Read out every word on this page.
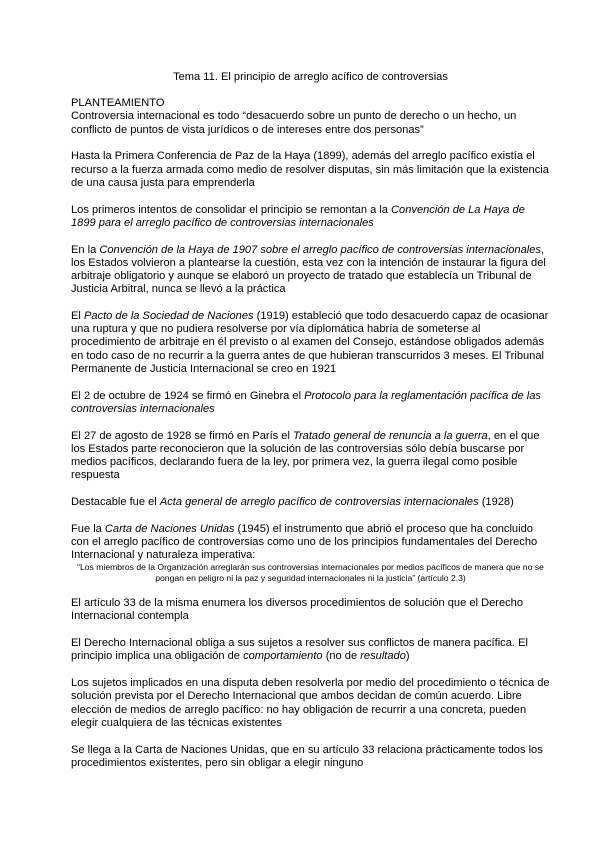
Tema 11. El principio de arreglo acífico de controversias
PLANTEAMIENTO
Controversia internacional es todo “desacuerdo sobre un punto de derecho o un hecho, un conflicto de puntos de vista jurídicos o de intereses entre dos personas”
Hasta la Primera Conferencia de Paz de la Haya (1899), además del arreglo pacífico existía el recurso a la fuerza armada como medio de resolver disputas, sin más limitación que la existencia de una causa justa para emprenderla
Los primeros intentos de consolidar el principio se remontan a la Convención de La Haya de 1899 para el arreglo pacífico de controversias internacionales
En la Convención de la Haya de 1907 sobre el arreglo pacífico de controversias internacionales, los Estados volvieron a plantearse la cuestión, esta vez con la intención de instaurar la figura del arbitraje obligatorio y aunque se elaboró un proyecto de tratado que establecía un Tribunal de Justicia Arbitral, nunca se llevó a la práctica
El Pacto de la Sociedad de Naciones (1919) estableció que todo desacuerdo capaz de ocasionar una ruptura y que no pudiera resolverse por vía diplomática habría de someterse al procedimiento de arbitraje en él previsto o al examen del Consejo, estándose obligados además en todo caso de no recurrir a la guerra antes de que hubieran transcurridos 3 meses. El Tribunal Permanente de Justicia Internacional se creo en 1921
El 2 de octubre de 1924 se firmó en Ginebra el Protocolo para la reglamentación pacífica de las controversias internacionales
El 27 de agosto de 1928 se firmó en París el Tratado general de renuncia a la guerra, en el que los Estados parte reconocieron que la solución de las controversias sólo debía buscarse por medios pacíficos, declarando fuera de la ley, por primera vez, la guerra ilegal como posible respuesta
Destacable fue el Acta general de arreglo pacífico de controversias internacionales (1928)
Fue la Carta de Naciones Unidas (1945) el instrumento que abrió el proceso que ha concluido con el arreglo pacífico de controversias como uno de los principios fundamentales del Derecho Internacional y naturaleza imperativa:
“Los miembros de la Organización arreglarán sus controversias internacionales por medios pacíficos de manera que no se pongan en peligro ni la paz y seguridad internacionales ni la justicia” (artículo 2.3)
El artículo 33 de la misma enumera los diversos procedimientos de solución que el Derecho Internacional contempla
El Derecho Internacional obliga a sus sujetos a resolver sus conflictos de manera pacífica. El principio implica una obligación de comportamiento (no de resultado)
Los sujetos implicados en una disputa deben resolverla por medio del procedimiento o técnica de solución prevista por el Derecho Internacional que ambos decidan de común acuerdo. Libre elección de medios de arreglo pacífico: no hay obligación de recurrir a una concreta, pueden elegir cualquiera de las técnicas existentes
Se llega a la Carta de Naciones Unidas, que en su artículo 33 relaciona prácticamente todos los procedimientos existentes, pero sin obligar a elegir ninguno
